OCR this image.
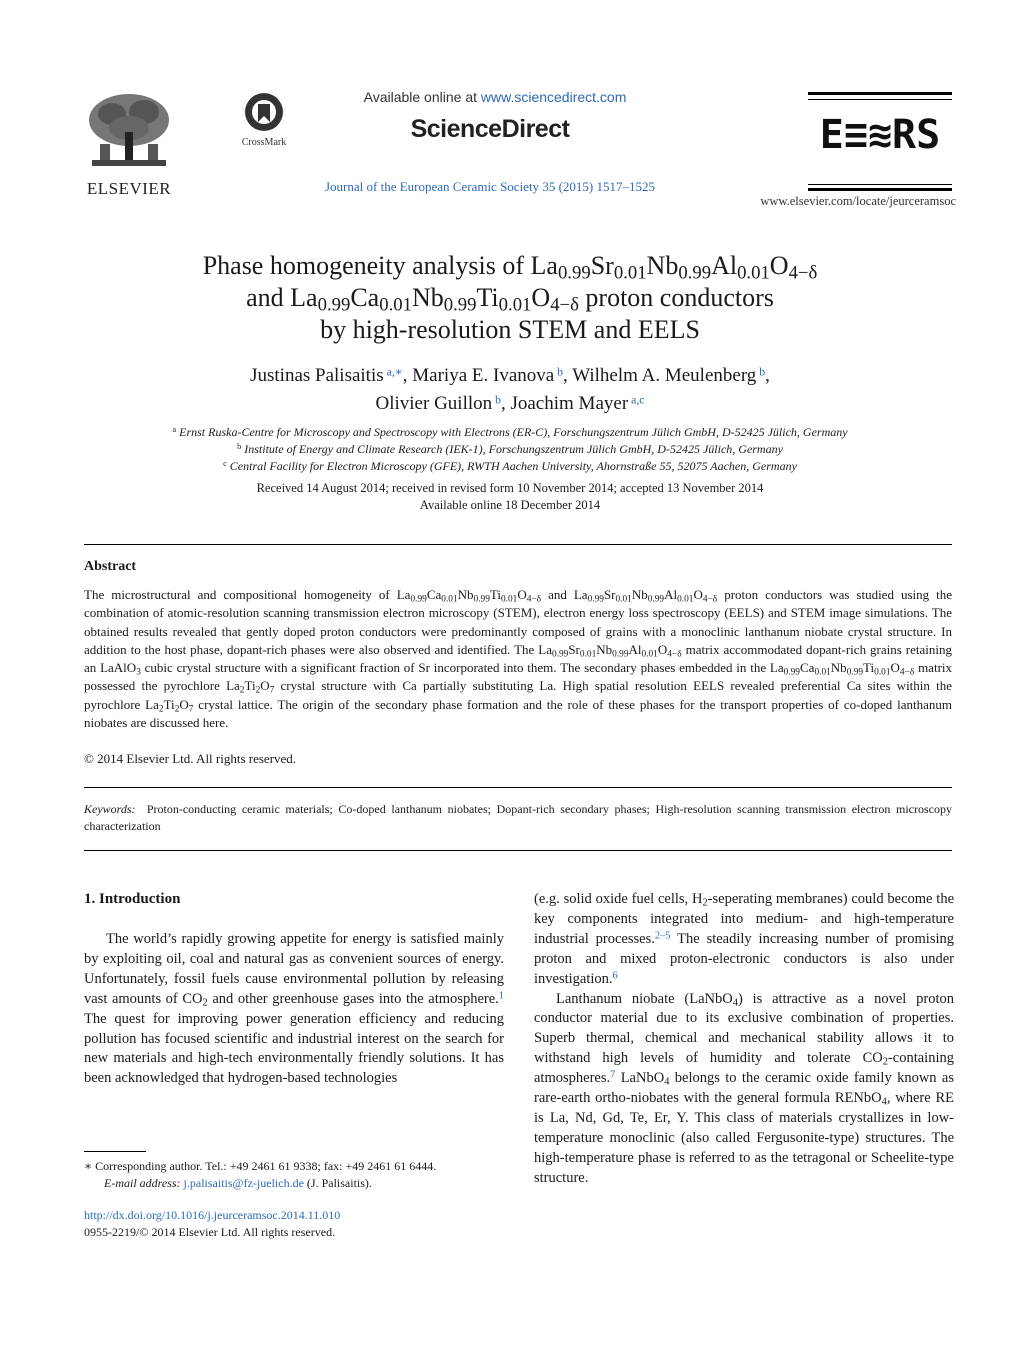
ELSEVIER
CrossMark
Available online at www.sciencedirect.com
ScienceDirect
Journal of the European Ceramic Society 35 (2015) 1517–1525
E≡≋RS
www.elsevier.com/locate/jeurceramsoc
Phase homogeneity analysis of $La_{0.99}Sr_{0.01}Nb_{0.99}Al_{0.01}O_{4-\delta}$
and $La_{0.99}Ca_{0.01}Nb_{0.99}Ti_{0.01}O_{4-\delta}$ proton conductors
by high-resolution STEM and EELS
Justinas Palisaitis $^{a,∗}$, Mariya E. Ivanova $^b$, Wilhelm A. Meulenberg $^b$,
Olivier Guillon $^b$, Joachim Mayer $^{a,c}$
$^a$ Ernst Ruska-Centre for Microscopy and Spectroscopy with Electrons (ER-C), Forschungszentrum Jülich GmbH, D-52425 Jülich, Germany
$^b$ Institute of Energy and Climate Research (IEK-1), Forschungszentrum Jülich GmbH, D-52425 Jülich, Germany
$^c$ Central Facility for Electron Microscopy (GFE), RWTH Aachen University, Ahornstraße 55, 52075 Aachen, Germany
Received 14 August 2014; received in revised form 10 November 2014; accepted 13 November 2014
Available online 18 December 2014
Abstract

The microstructural and compositional homogeneity of $La_{0.99}Ca_{0.01}Nb_{0.99}Ti_{0.01}O_{4-\delta}$ and $La_{0.99}Sr_{0.01}Nb_{0.99}Al_{0.01}O_{4-\delta}$ proton conductors was studied using the combination of atomic-resolution scanning transmission electron microscopy (STEM), electron energy loss spectroscopy (EELS) and STEM image simulations. The obtained results revealed that gently doped proton conductors were predominantly composed of grains with a monoclinic lanthanum niobate crystal structure. In addition to the host phase, dopant-rich phases were also observed and identified. The $La_{0.99}Sr_{0.01}Nb_{0.99}Al_{0.01}O_{4-\delta}$ matrix accommodated dopant-rich grains retaining an LaAlO$_3$ cubic crystal structure with a significant fraction of Sr incorporated into them. The secondary phases embedded in the $La_{0.99}Ca_{0.01}Nb_{0.99}Ti_{0.01}O_{4-\delta}$ matrix possessed the pyrochlore $La_2Ti_2O_7$ crystal structure with Ca partially substituting La. High spatial resolution EELS revealed preferential Ca sites within the pyrochlore $La_2Ti_2O_7$ crystal lattice. The origin of the secondary phase formation and the role of these phases for the transport properties of co-doped lanthanum niobates are discussed here.

© 2014 Elsevier Ltd. All rights reserved.
Keywords: Proton-conducting ceramic materials; Co-doped lanthanum niobates; Dopant-rich secondary phases; High-resolution scanning transmission electron microscopy characterization
1. Introduction

The world’s rapidly growing appetite for energy is satisfied mainly by exploiting oil, coal and natural gas as convenient sources of energy. Unfortunately, fossil fuels cause environmental pollution by releasing vast amounts of $CO_2$ and other greenhouse gases into the atmosphere.$^1$ The quest for improving power generation efficiency and reducing pollution has focused scientific and industrial interest on the search for new materials and high-tech environmentally friendly solutions. It has been acknowledged that hydrogen-based technologies

(e.g. solid oxide fuel cells, $H_2$-seperating membranes) could become the key components integrated into medium- and high-temperature industrial processes.$^{2-5}$ The steadily increasing number of promising proton and mixed proton-electronic conductors is also under investigation.$^6$

Lanthanum niobate (LaNbO$_4$) is attractive as a novel proton conductor material due to its exclusive combination of properties. Superb thermal, chemical and mechanical stability allows it to withstand high levels of humidity and tolerate $CO_2$-containing atmospheres.$^7$ LaNbO$_4$ belongs to the ceramic oxide family known as rare-earth ortho-niobates with the general formula RENbO$_4$, where RE is La, Nd, Gd, Te, Er, Y. This class of materials crystallizes in low-temperature monoclinic (also called Fergusonite-type) structures. The high-temperature phase is referred to as the tetragonal or Scheelite-type structure.

∗ Corresponding author. Tel.: +49 2461 61 9338; fax: +49 2461 61 6444.
E-mail address: j.palisaitis@fz-juelich.de (J. Palisaitis).
http://dx.doi.org/10.1016/j.jeurceramsoc.2014.11.010
0955-2219/© 2014 Elsevier Ltd. All rights reserved.
